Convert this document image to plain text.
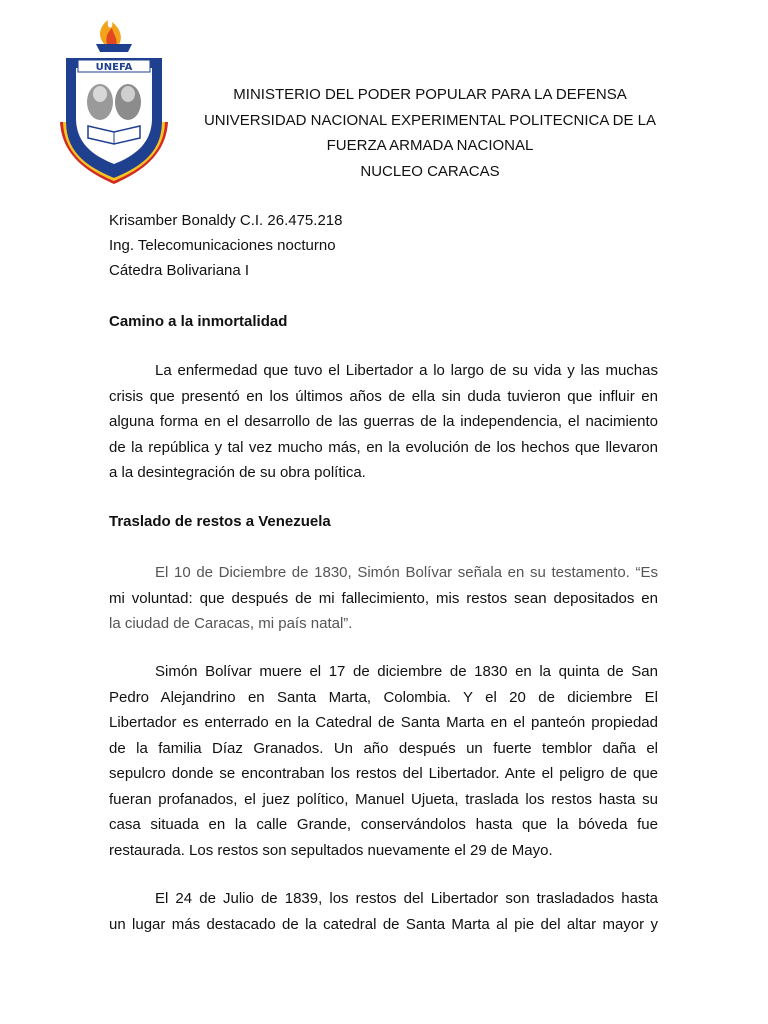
UNEFA
MINISTERIO DEL PODER POPULAR PARA LA DEFENSA
UNIVERSIDAD NACIONAL EXPERIMENTAL POLITECNICA DE LA
FUERZA ARMADA NACIONAL
NUCLEO CARACAS
Krisamber Bonaldy C.I. 26.475.218
Ing. Telecomunicaciones nocturno
Cátedra Bolivariana I
Camino a la inmortalidad
La enfermedad que tuvo el Libertador a lo largo de su vida y las muchas
crisis que presentó en los últimos años de ella sin duda tuvieron que influir en
alguna forma en el desarrollo de las guerras de la independencia, el nacimiento
de la república y tal vez mucho más, en la evolución de los hechos que llevaron
a la desintegración de su obra política.
Traslado de restos a Venezuela
El 10 de Diciembre de 1830, Simón Bolívar señala en su testamento. “Es
mi voluntad: que después de mi fallecimiento, mis restos sean depositados en
la ciudad de Caracas, mi país natal”.
Simón Bolívar muere el 17 de diciembre de 1830 en la quinta de San
Pedro Alejandrino en Santa Marta, Colombia. Y el 20 de diciembre El
Libertador es enterrado en la Catedral de Santa Marta en el panteón propiedad
de la familia Díaz Granados. Un año después un fuerte temblor daña el
sepulcro donde se encontraban los restos del Libertador. Ante el peligro de que
fueran profanados, el juez político, Manuel Ujueta, traslada los restos hasta su
casa situada en la calle Grande, conservándolos hasta que la bóveda fue
restaurada. Los restos son sepultados nuevamente el 29 de Mayo.
El 24 de Julio de 1839, los restos del Libertador son trasladados hasta
un lugar más destacado de la catedral de Santa Marta al pie del altar mayor y
